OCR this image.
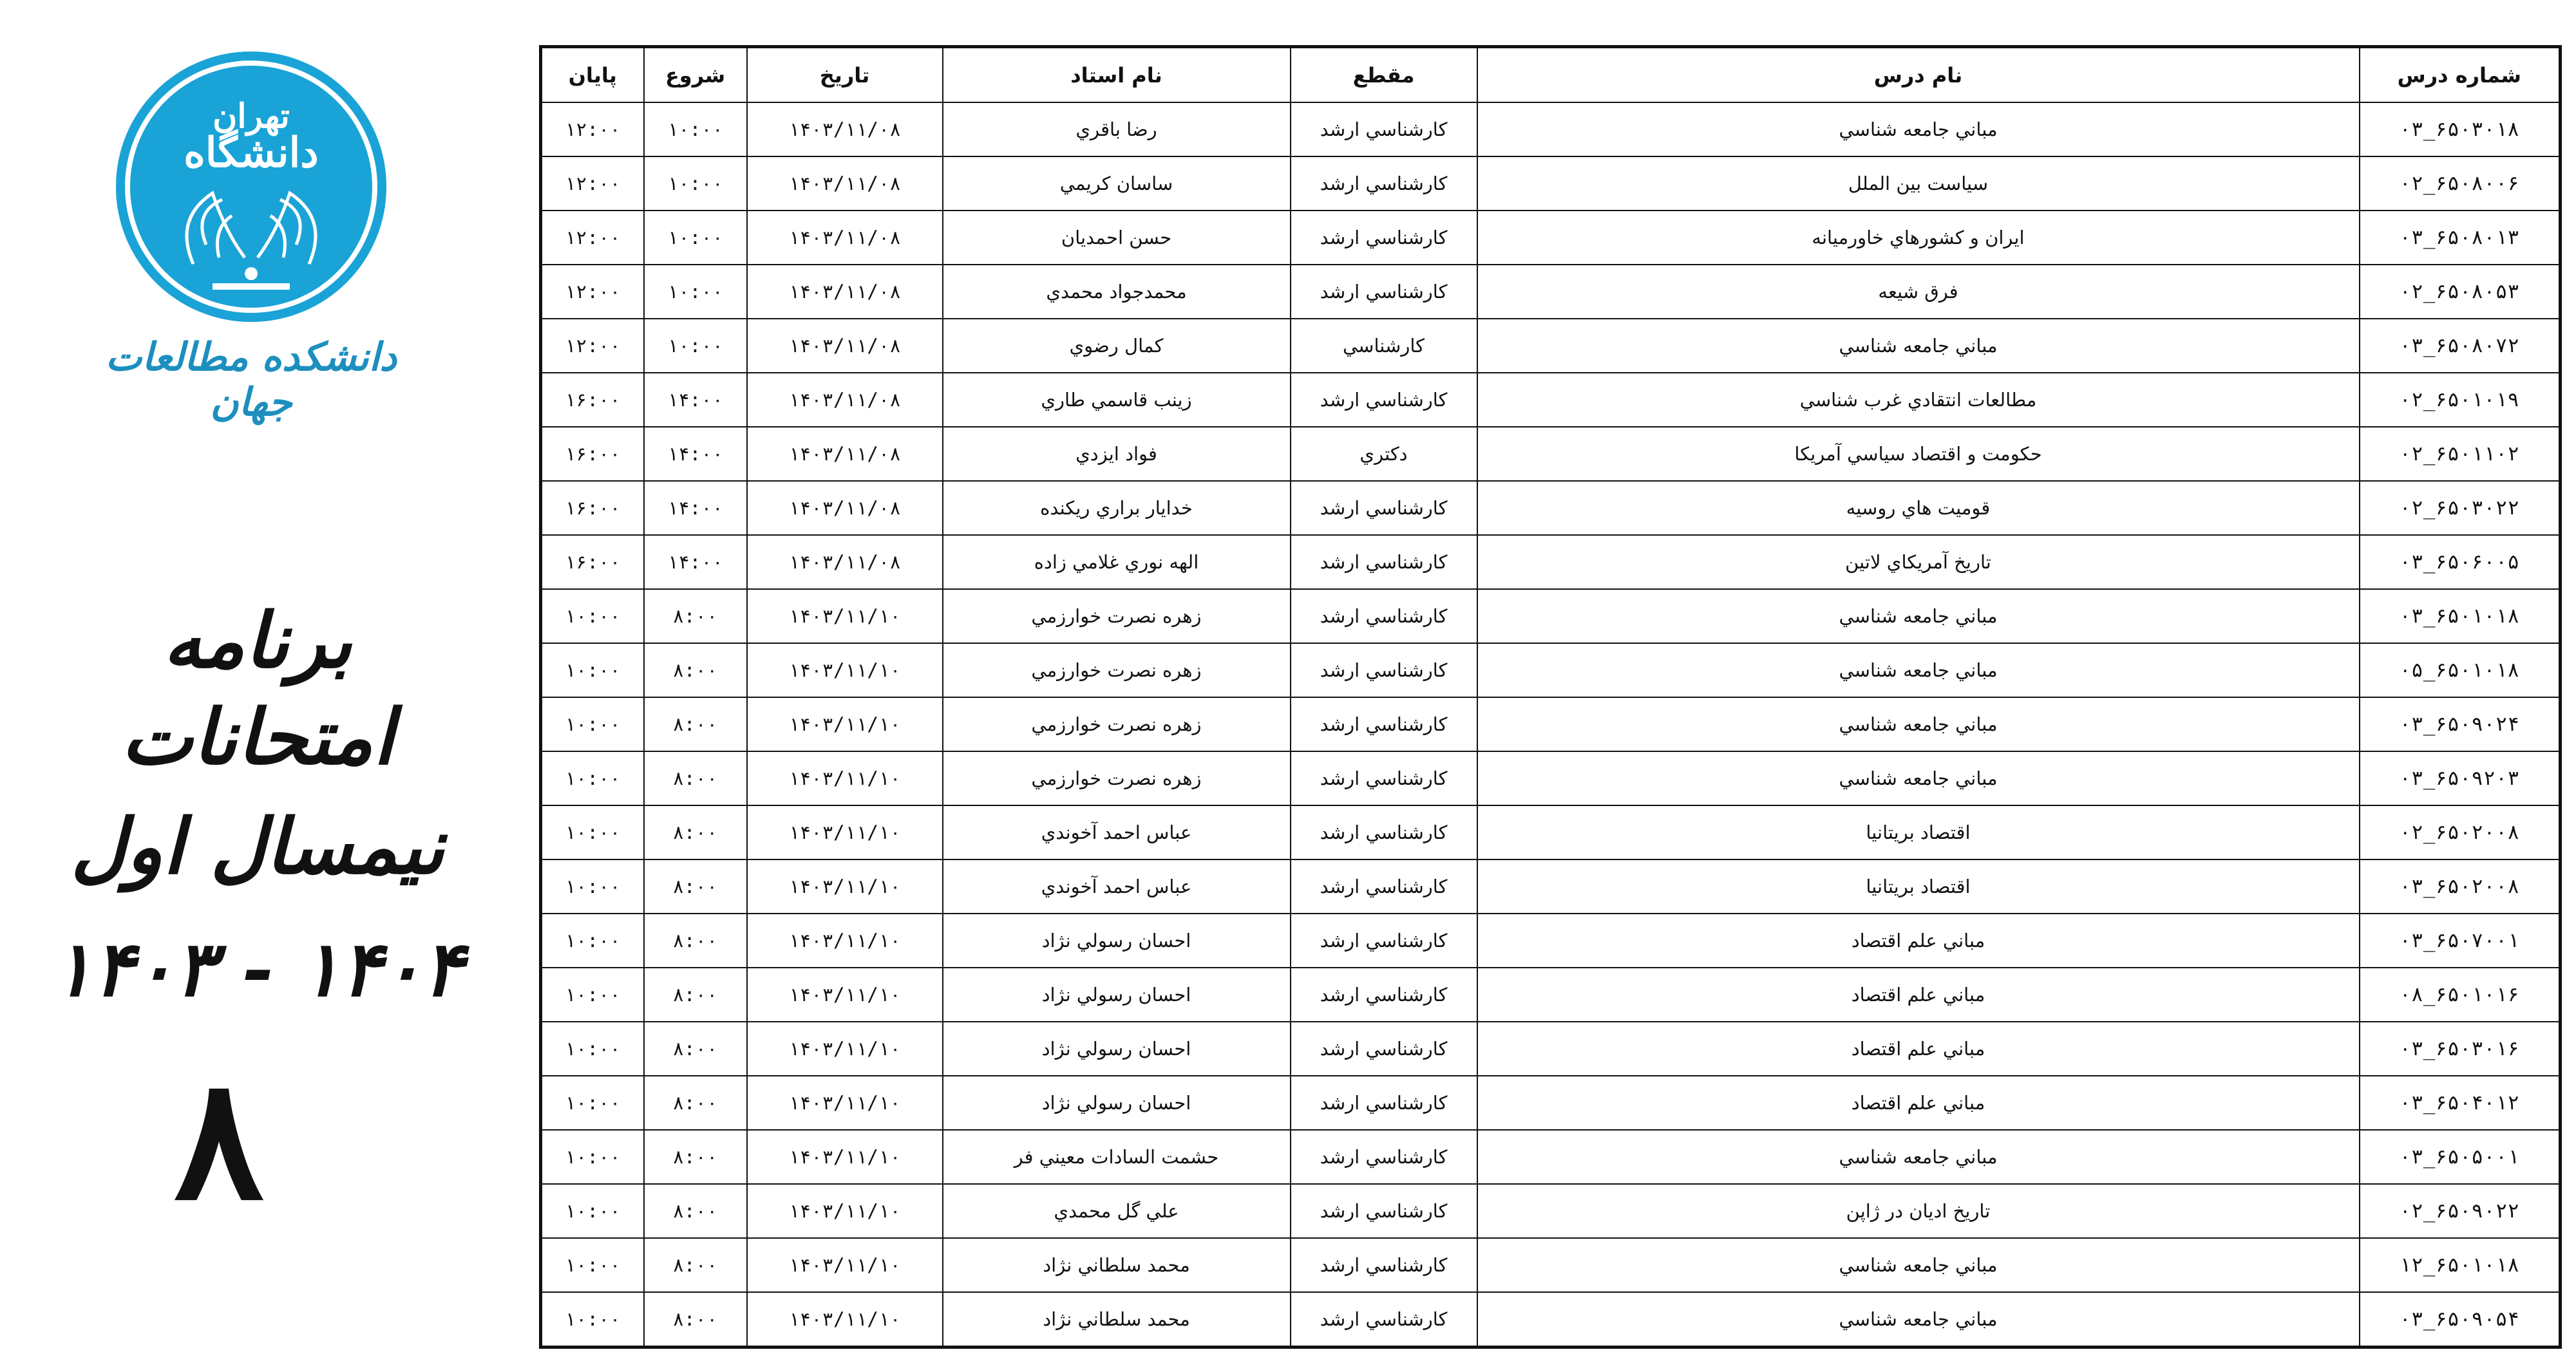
تهران
دانشگاه
دانشکده مطالعات جهان
برنامه امتحانات
نیمسال اول ۱۴۰۴ - ۱۴۰۳
۸
شماره درس	نام درس	مقطع	نام استاد	تاريخ	شروع	پايان
۶۵۰۳۰۱۸_۰۳	مباني جامعه شناسي	كارشناسي ارشد	رضا باقري	۱۴۰۳/۱۱/۰۸	۱۰:۰۰	۱۲:۰۰
۶۵۰۸۰۰۶_۰۲	سياست بين الملل	كارشناسي ارشد	ساسان كريمي	۱۴۰۳/۱۱/۰۸	۱۰:۰۰	۱۲:۰۰
۶۵۰۸۰۱۳_۰۳	ايران و كشورهاي خاورميانه	كارشناسي ارشد	حسن احمديان	۱۴۰۳/۱۱/۰۸	۱۰:۰۰	۱۲:۰۰
۶۵۰۸۰۵۳_۰۲	فرق شيعه	كارشناسي ارشد	محمدجواد محمدي	۱۴۰۳/۱۱/۰۸	۱۰:۰۰	۱۲:۰۰
۶۵۰۸۰۷۲_۰۳	مباني جامعه شناسي	كارشناسي	كمال رضوي	۱۴۰۳/۱۱/۰۸	۱۰:۰۰	۱۲:۰۰
۶۵۰۱۰۱۹_۰۲	مطالعات انتقادي غرب شناسي	كارشناسي ارشد	زينب قاسمي طاري	۱۴۰۳/۱۱/۰۸	۱۴:۰۰	۱۶:۰۰
۶۵۰۱۱۰۲_۰۲	حكومت و اقتصاد سياسي آمريكا	دكتري	فواد ايزدي	۱۴۰۳/۱۱/۰۸	۱۴:۰۰	۱۶:۰۰
۶۵۰۳۰۲۲_۰۲	قوميت هاي روسيه	كارشناسي ارشد	خدايار براري ريكنده	۱۴۰۳/۱۱/۰۸	۱۴:۰۰	۱۶:۰۰
۶۵۰۶۰۰۵_۰۳	تاريخ آمريكاي لاتين	كارشناسي ارشد	الهه نوري غلامي زاده	۱۴۰۳/۱۱/۰۸	۱۴:۰۰	۱۶:۰۰
۶۵۰۱۰۱۸_۰۳	مباني جامعه شناسي	كارشناسي ارشد	زهره نصرت خوارزمي	۱۴۰۳/۱۱/۱۰	۸:۰۰	۱۰:۰۰
۶۵۰۱۰۱۸_۰۵	مباني جامعه شناسي	كارشناسي ارشد	زهره نصرت خوارزمي	۱۴۰۳/۱۱/۱۰	۸:۰۰	۱۰:۰۰
۶۵۰۹۰۲۴_۰۳	مباني جامعه شناسي	كارشناسي ارشد	زهره نصرت خوارزمي	۱۴۰۳/۱۱/۱۰	۸:۰۰	۱۰:۰۰
۶۵۰۹۲۰۳_۰۳	مباني جامعه شناسي	كارشناسي ارشد	زهره نصرت خوارزمي	۱۴۰۳/۱۱/۱۰	۸:۰۰	۱۰:۰۰
۶۵۰۲۰۰۸_۰۲	اقتصاد بريتانيا	كارشناسي ارشد	عباس احمد آخوندي	۱۴۰۳/۱۱/۱۰	۸:۰۰	۱۰:۰۰
۶۵۰۲۰۰۸_۰۳	اقتصاد بريتانيا	كارشناسي ارشد	عباس احمد آخوندي	۱۴۰۳/۱۱/۱۰	۸:۰۰	۱۰:۰۰
۶۵۰۷۰۰۱_۰۳	مباني علم اقتصاد	كارشناسي ارشد	احسان رسولي نژاد	۱۴۰۳/۱۱/۱۰	۸:۰۰	۱۰:۰۰
۶۵۰۱۰۱۶_۰۸	مباني علم اقتصاد	كارشناسي ارشد	احسان رسولي نژاد	۱۴۰۳/۱۱/۱۰	۸:۰۰	۱۰:۰۰
۶۵۰۳۰۱۶_۰۳	مباني علم اقتصاد	كارشناسي ارشد	احسان رسولي نژاد	۱۴۰۳/۱۱/۱۰	۸:۰۰	۱۰:۰۰
۶۵۰۴۰۱۲_۰۳	مباني علم اقتصاد	كارشناسي ارشد	احسان رسولي نژاد	۱۴۰۳/۱۱/۱۰	۸:۰۰	۱۰:۰۰
۶۵۰۵۰۰۱_۰۳	مباني جامعه شناسي	كارشناسي ارشد	حشمت السادات معيني فر	۱۴۰۳/۱۱/۱۰	۸:۰۰	۱۰:۰۰
۶۵۰۹۰۲۲_۰۲	تاريخ اديان در ژاپن	كارشناسي ارشد	علي گل محمدي	۱۴۰۳/۱۱/۱۰	۸:۰۰	۱۰:۰۰
۶۵۰۱۰۱۸_۱۲	مباني جامعه شناسي	كارشناسي ارشد	محمد سلطاني نژاد	۱۴۰۳/۱۱/۱۰	۸:۰۰	۱۰:۰۰
۶۵۰۹۰۵۴_۰۳	مباني جامعه شناسي	كارشناسي ارشد	محمد سلطاني نژاد	۱۴۰۳/۱۱/۱۰	۸:۰۰	۱۰:۰۰
